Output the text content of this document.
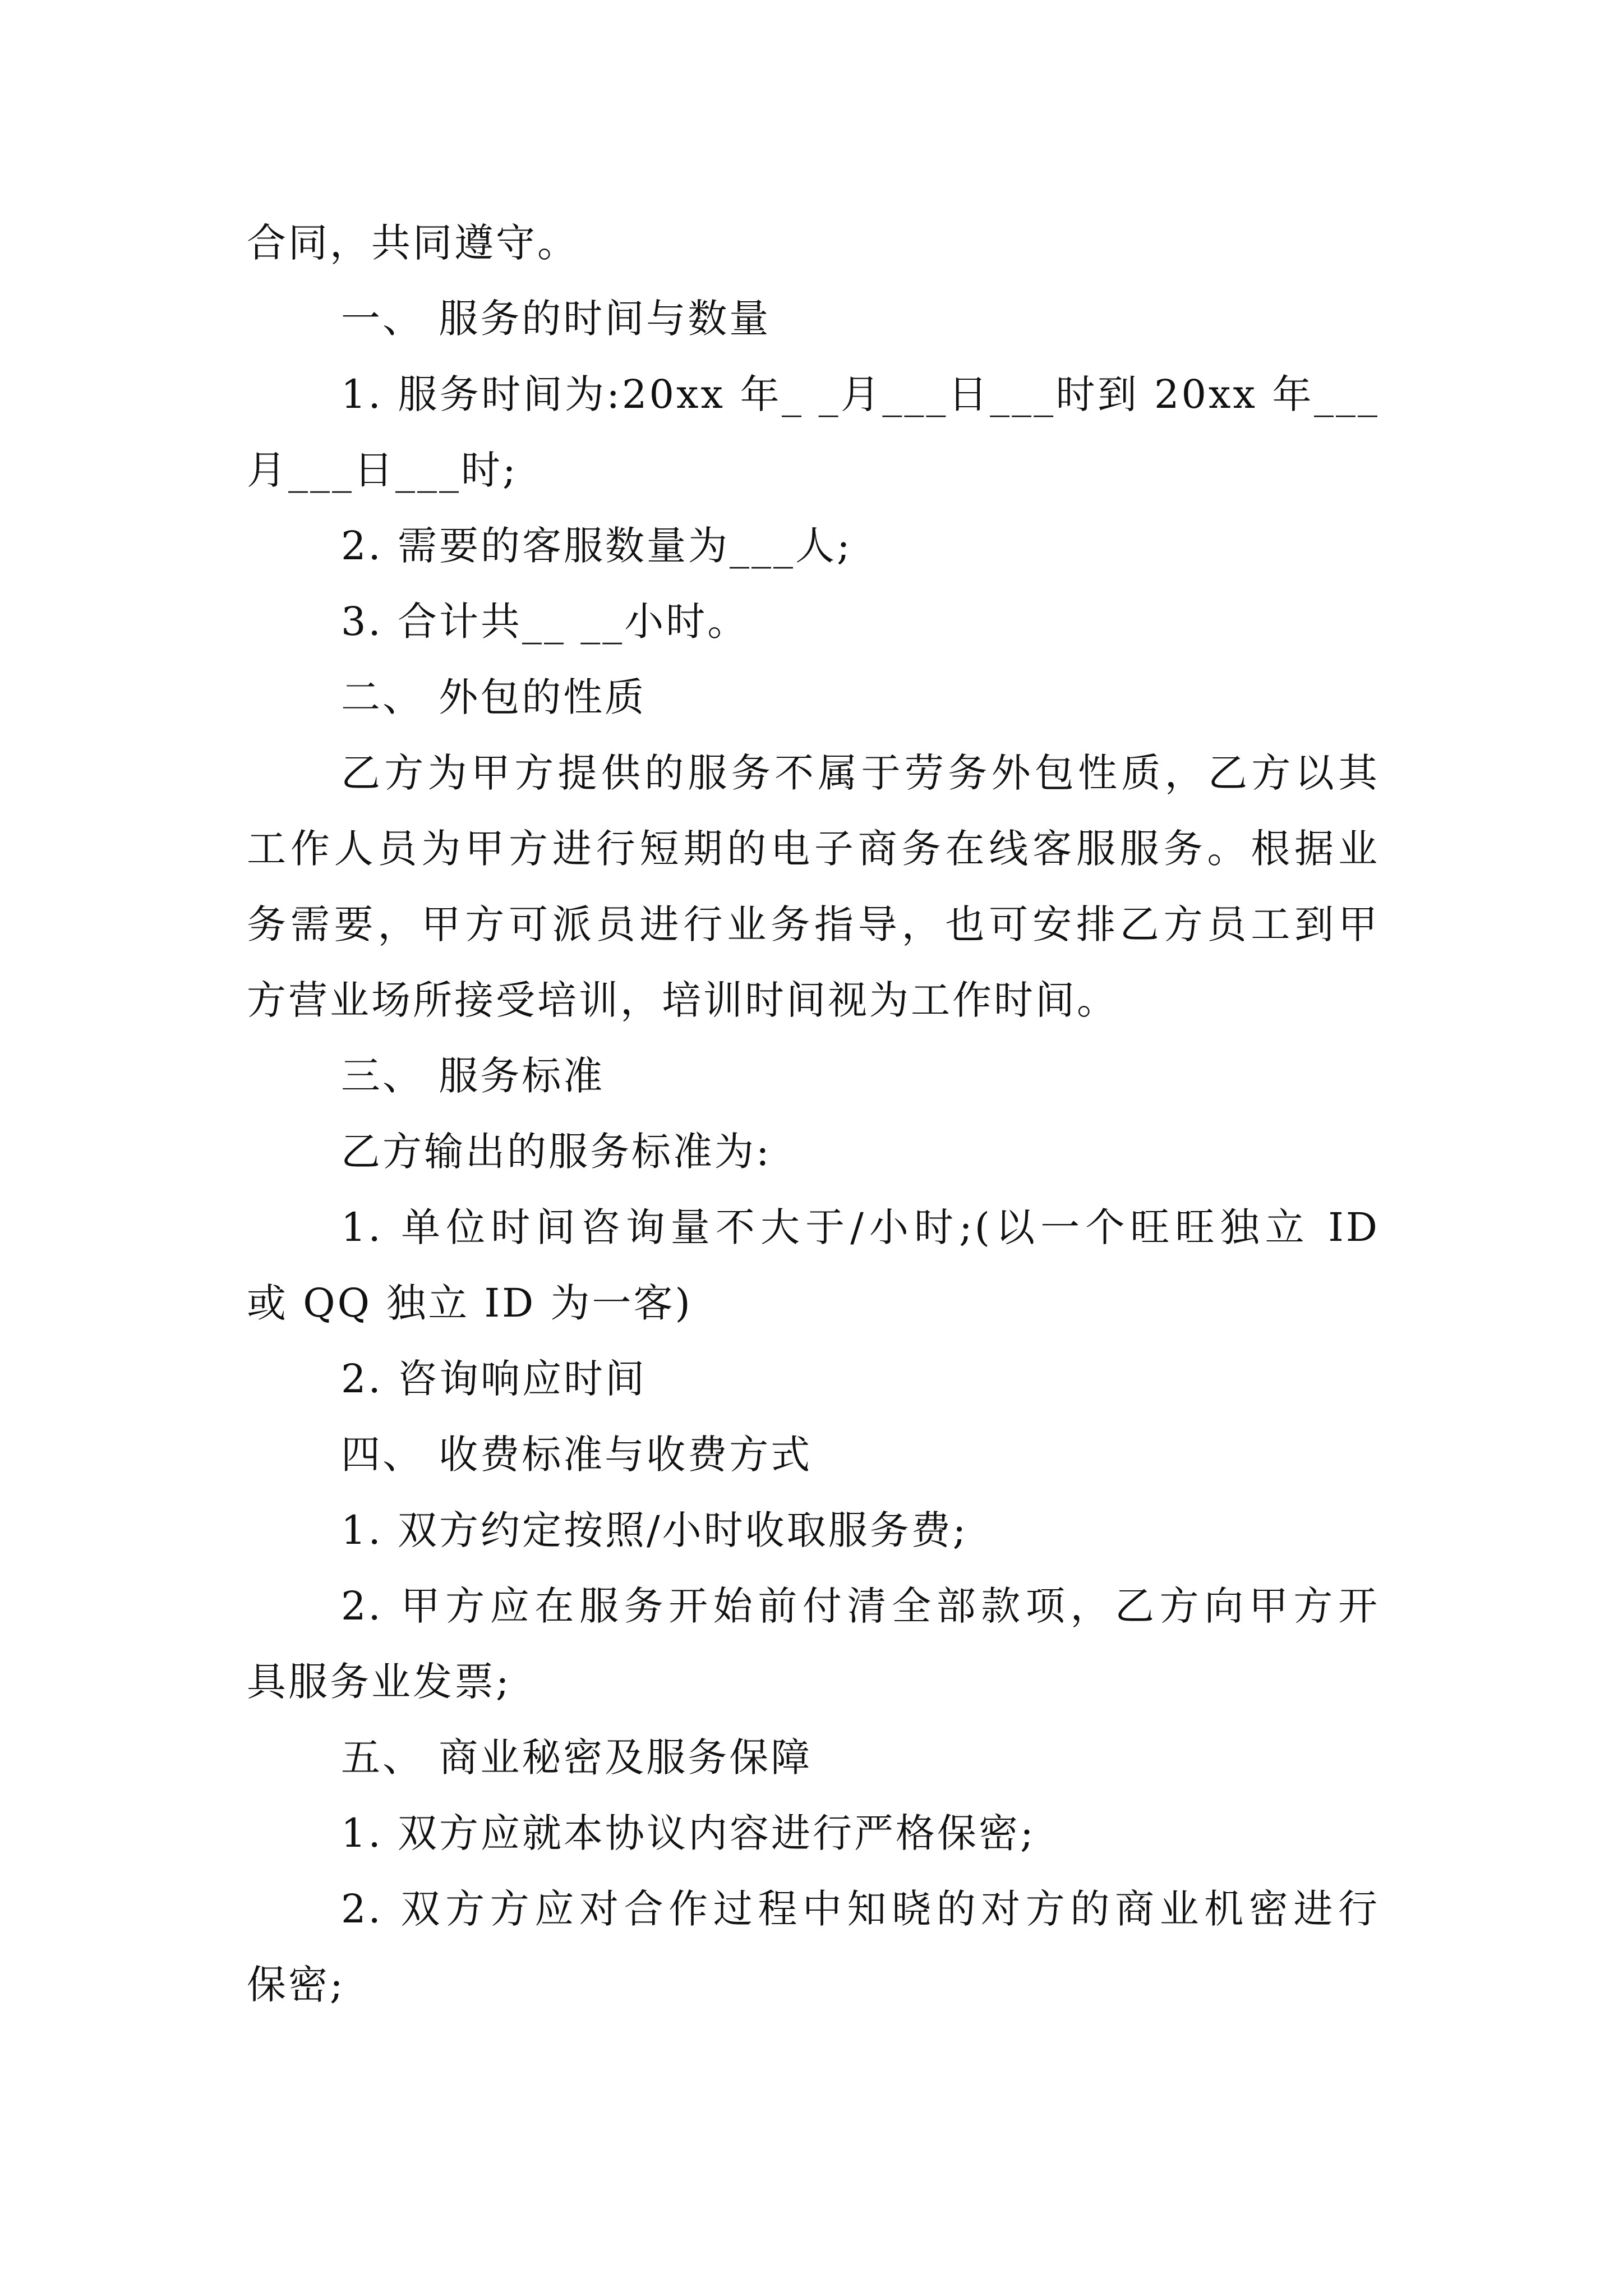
合同，共同遵守。
一、 服务的时间与数量
1. 服务时间为:20xx 年_ _月___日___时到 20xx 年___
月___日___时;
2. 需要的客服数量为___人;
3. 合计共__ __小时。
二、 外包的性质
乙方为甲方提供的服务不属于劳务外包性质，乙方以其
工作人员为甲方进行短期的电子商务在线客服服务。根据业
务需要，甲方可派员进行业务指导，也可安排乙方员工到甲
方营业场所接受培训，培训时间视为工作时间。
三、 服务标准
乙方输出的服务标准为:
1. 单位时间咨询量不大于/小时;(以一个旺旺独立 ID
或 QQ 独立 ID 为一客)
2. 咨询响应时间
四、 收费标准与收费方式
1. 双方约定按照/小时收取服务费;
2. 甲方应在服务开始前付清全部款项，乙方向甲方开
具服务业发票;
五、 商业秘密及服务保障
1. 双方应就本协议内容进行严格保密;
2. 双方方应对合作过程中知晓的对方的商业机密进行
保密;
